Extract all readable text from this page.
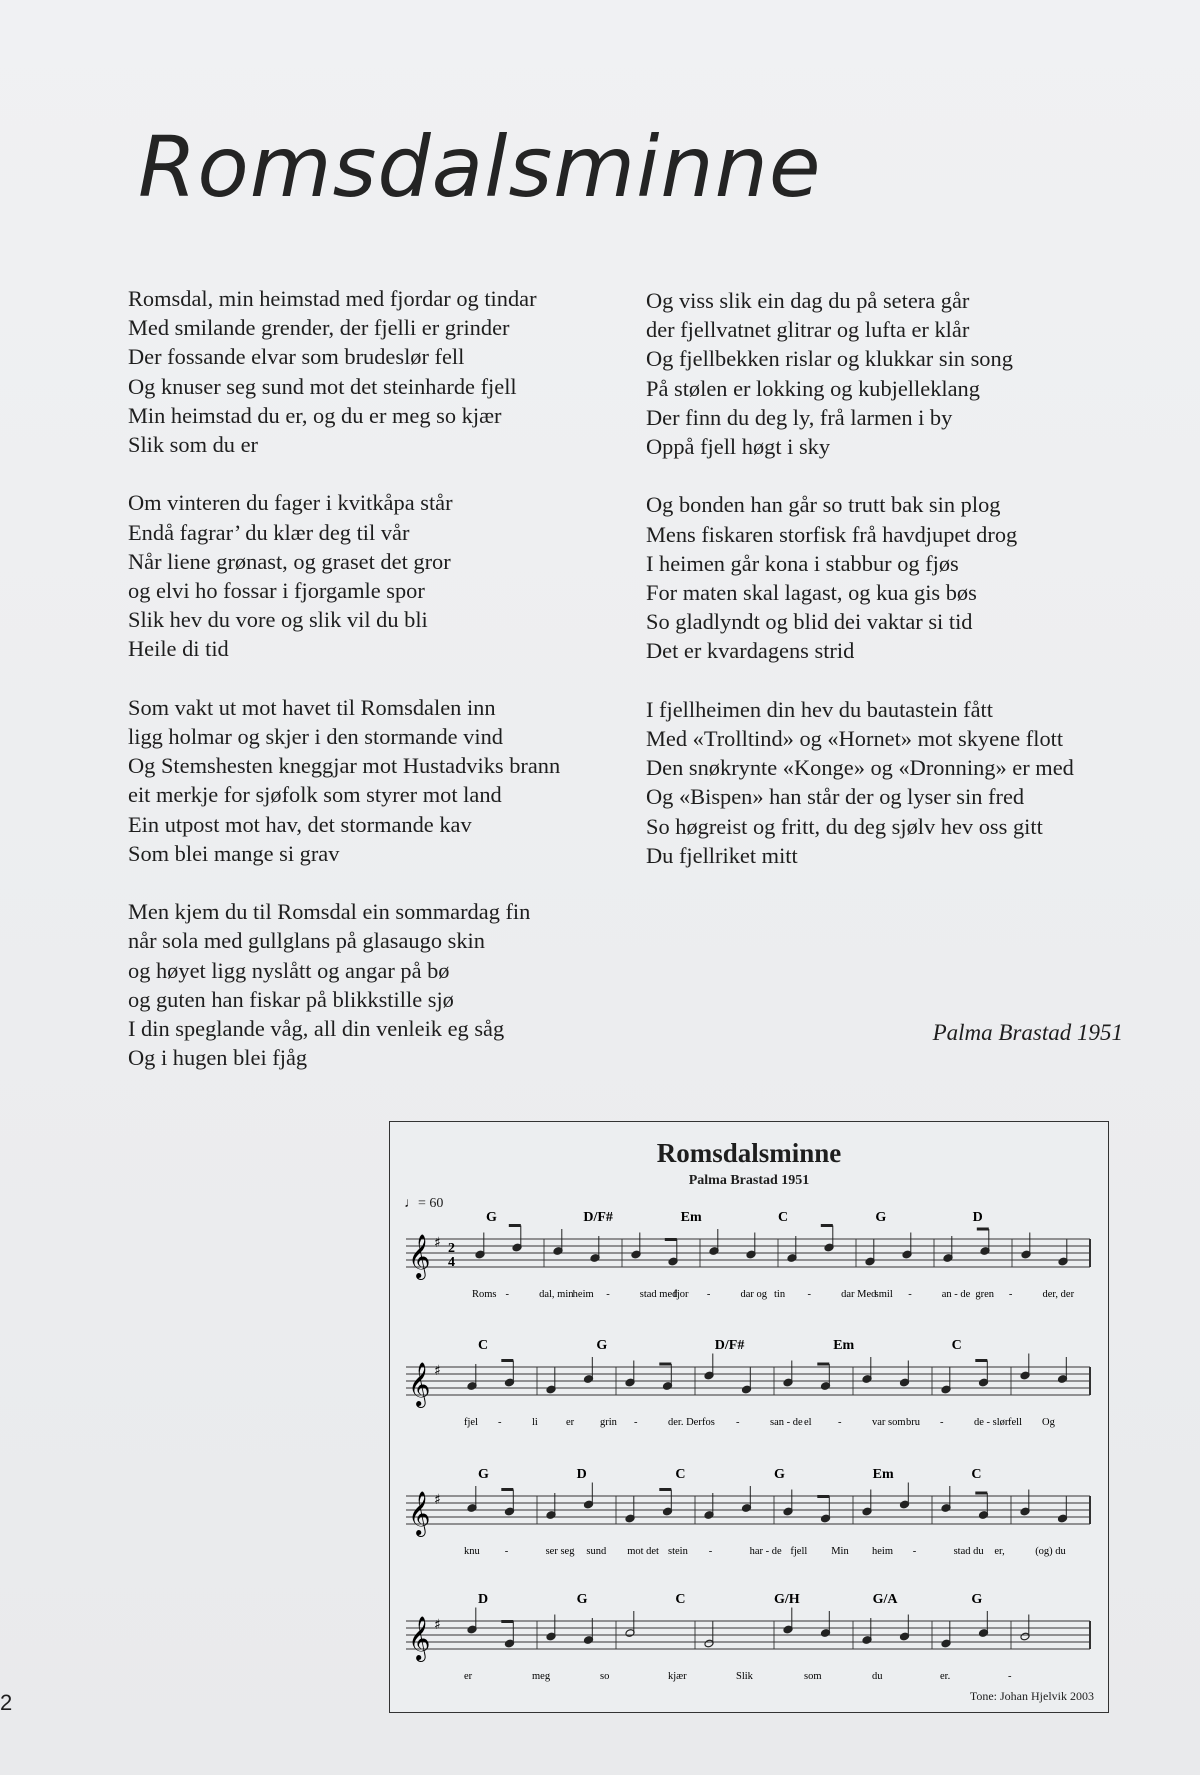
Romsdalsminne
Romsdal, min heimstad med fjordar og tindar
Med smilande grender, der fjelli er grinder
Der fossande elvar som brudeslør fell
Og knuser seg sund mot det steinharde fjell
Min heimstad du er, og du er meg so kjær
Slik som du er
Om vinteren du fager i kvitkåpa står
Endå fagrar’ du klær deg til vår
Når liene grønast, og graset det gror
og elvi ho fossar i fjorgamle spor
Slik hev du vore og slik vil du bli
Heile di tid
Som vakt ut mot havet til Romsdalen inn
ligg holmar og skjer i den stormande vind
Og Stemshesten kneggjar mot Hustadviks brann
eit merkje for sjøfolk som styrer mot land
Ein utpost mot hav, det stormande kav
Som blei mange si grav
Men kjem du til Romsdal ein sommardag fin
når sola med gullglans på glasaugo skin
og høyet ligg nyslått og angar på bø
og guten han fiskar på blikkstille sjø
I din speglande våg, all din venleik eg såg
Og i hugen blei fjåg
Og viss slik ein dag du på setera går
der fjellvatnet glitrar og lufta er klår
Og fjellbekken rislar og klukkar sin song
På stølen er lokking og kubjelleklang
Der finn du deg ly, frå larmen i by
Oppå fjell høgt i sky
Og bonden han går so trutt bak sin plog
Mens fiskaren storfisk frå havdjupet drog
I heimen går kona i stabbur og fjøs
For maten skal lagast, og kua gis bøs
So gladlyndt og blid dei vaktar si tid
Det er kvardagens strid
I fjellheimen din hev du bautastein fått
Med «Trolltind» og «Hornet» mot skyene flott
Den snøkrynte «Konge» og «Dronning» er med
Og «Bispen» han står der og lyser sin fred
So høgreist og fritt, du deg sjølv hev oss gitt
Du fjellriket mitt
Palma Brastad 1951
2
Romsdalsminne
Palma Brastad 1951
♩= 60
𝄞 ♯ 2
4
G	D/F#	Em	C	G	D
Roms -	dal, min heim -	stad med
fjor -	dar og tin -	dar Med
smil -	an - de gren -	der, der
𝄞 ♯
C	G	D/F#	Em	C
fjel -	li	er grin -	der. Der fos -	san - de el	-	var som bru -	de - slør fell Og
𝄞 ♯
G	D	C	G	Em	C
knu -	ser seg sund mot det stein -	har - de fjell Min heim -	stad du er,	(og) du
𝄞 ♯
D	G	C	G/H	G/A	G
er	meg	so	kjær	Slik	som	du	er.	-
Tone: Johan Hjelvik 2003
